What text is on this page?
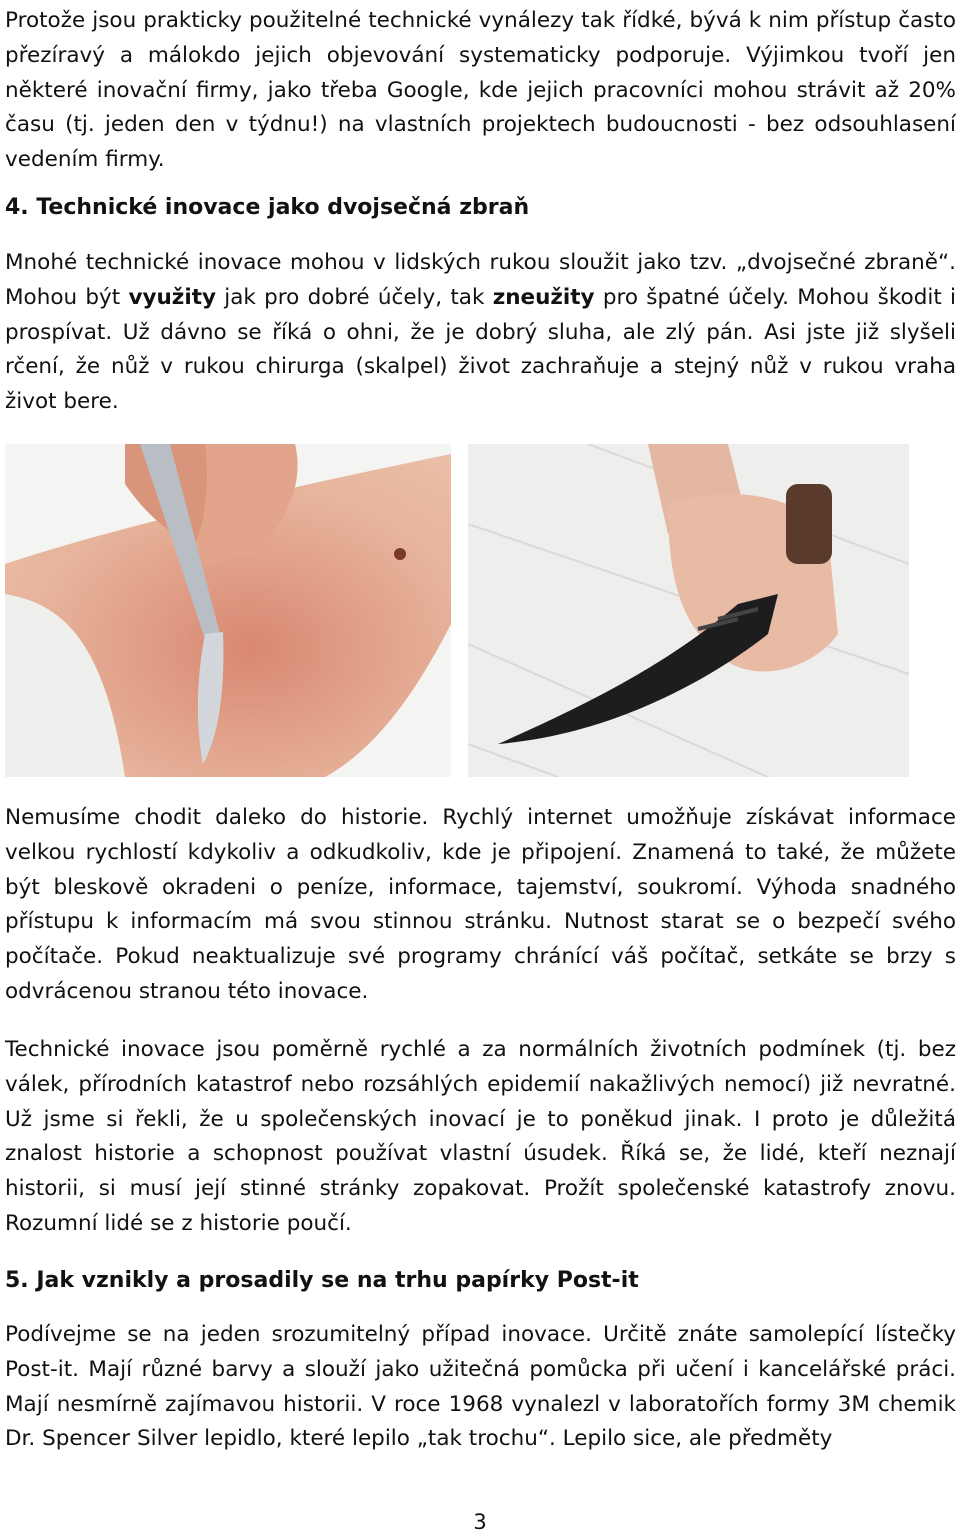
Protože jsou prakticky použitelné technické vynálezy tak řídké, bývá k nim přístup často přezíravý a málokdo jejich objevování systematicky podporuje. Výjimkou tvoří jen některé inovační firmy, jako třeba Google, kde jejich pracovníci mohou strávit až 20% času (tj. jeden den v týdnu!) na vlastních projektech budoucnosti - bez odsouhlasení vedením firmy.

4. Technické inovace jako dvojsečná zbraň

Mnohé technické inovace mohou v lidských rukou sloužit jako tzv. „dvojsečné zbraně“. Mohou být využity jak pro dobré účely, tak zneužity pro špatné účely. Mohou škodit i prospívat. Už dávno se říká o ohni, že je dobrý sluha, ale zlý pán. Asi jste již slyšeli rčení, že nůž v rukou chirurga (skalpel) život zachraňuje a stejný nůž v rukou vraha život bere.

Nemusíme chodit daleko do historie. Rychlý internet umožňuje získávat informace velkou rychlostí kdykoliv a odkudkoliv, kde je připojení. Znamená to také, že můžete být bleskově okradeni o peníze, informace, tajemství, soukromí. Výhoda snadného přístupu k informacím má svou stinnou stránku. Nutnost starat se o bezpečí svého počítače. Pokud neaktualizuje své programy chránící váš počítač, setkáte se brzy s odvrácenou stranou této inovace.

Technické inovace jsou poměrně rychlé a za normálních životních podmínek (tj. bez válek, přírodních katastrof nebo rozsáhlých epidemií nakažlivých nemocí) již nevratné. Už jsme si řekli, že u společenských inovací je to poněkud jinak. I proto je důležitá znalost historie a schopnost používat vlastní úsudek. Říká se, že lidé, kteří neznají historii, si musí její stinné stránky zopakovat. Prožít společenské katastrofy znovu. Rozumní lidé se z historie poučí.

5. Jak vznikly a prosadily se na trhu papírky Post-it

Podívejme se na jeden srozumitelný případ inovace. Určitě znáte samolepící lístečky Post-it. Mají různé barvy a slouží jako užitečná pomůcka při učení i kancelářské práci. Mají nesmírně zajímavou historii. V roce 1968 vynalezl v laboratořích formy 3M chemik Dr. Spencer Silver lepidlo, které lepilo „tak trochu“. Lepilo sice, ale předměty

3
